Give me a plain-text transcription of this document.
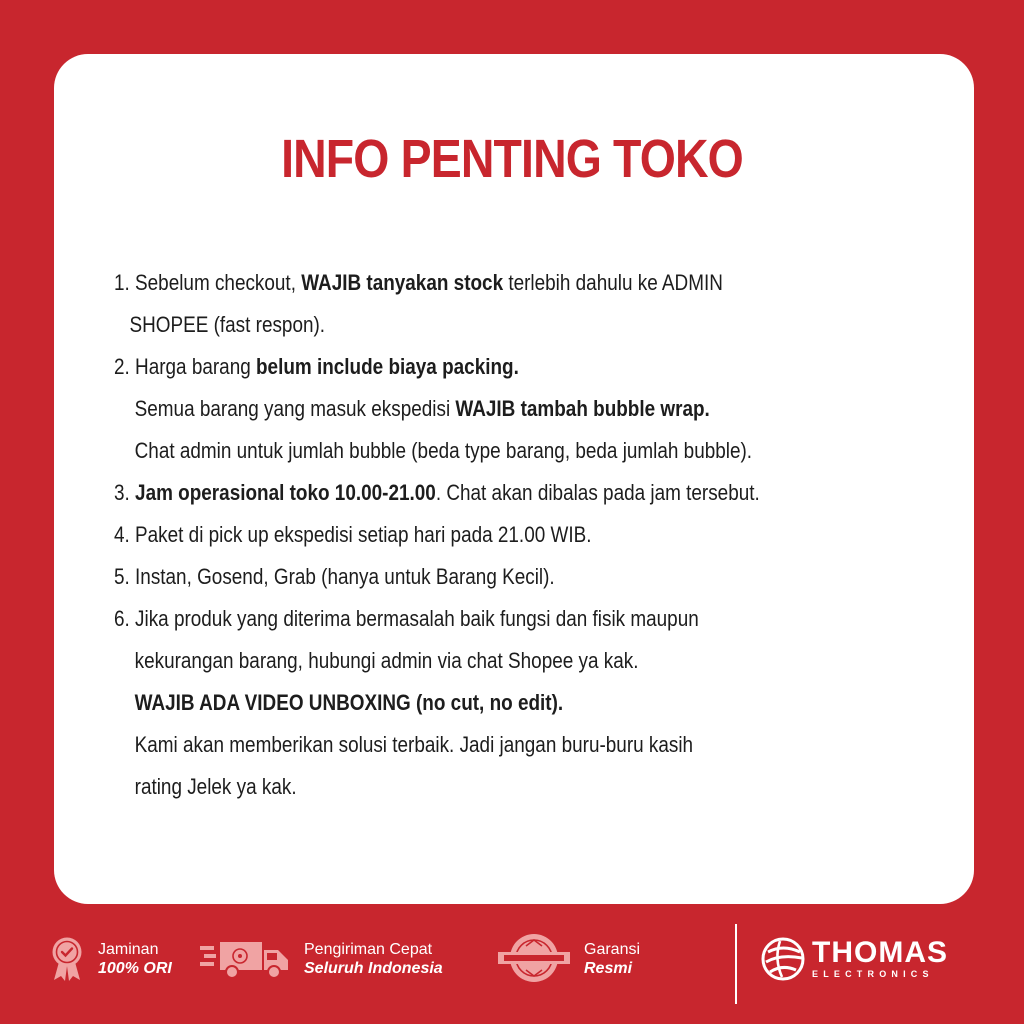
INFO PENTING TOKO
1. Sebelum checkout, WAJIB tanyakan stock terlebih dahulu ke ADMIN
SHOPEE (fast respon).
2. Harga barang belum include biaya packing.
Semua barang yang masuk ekspedisi WAJIB tambah bubble wrap.
Chat admin untuk jumlah bubble (beda type barang, beda jumlah bubble).
3. Jam operasional toko 10.00-21.00. Chat akan dibalas pada jam tersebut.
4. Paket di pick up ekspedisi setiap hari pada 21.00 WIB.
5. Instan, Gosend, Grab (hanya untuk Barang Kecil).
6. Jika produk yang diterima bermasalah baik fungsi dan fisik maupun
kekurangan barang, hubungi admin via chat Shopee ya kak.
WAJIB ADA VIDEO UNBOXING (no cut, no edit).
Kami akan memberikan solusi terbaik. Jadi jangan buru-buru kasih
rating Jelek ya kak.
Jaminan
100% ORI
Pengiriman Cepat
Seluruh Indonesia
Garansi
Resmi	THOMAS
ELECTRONICS
